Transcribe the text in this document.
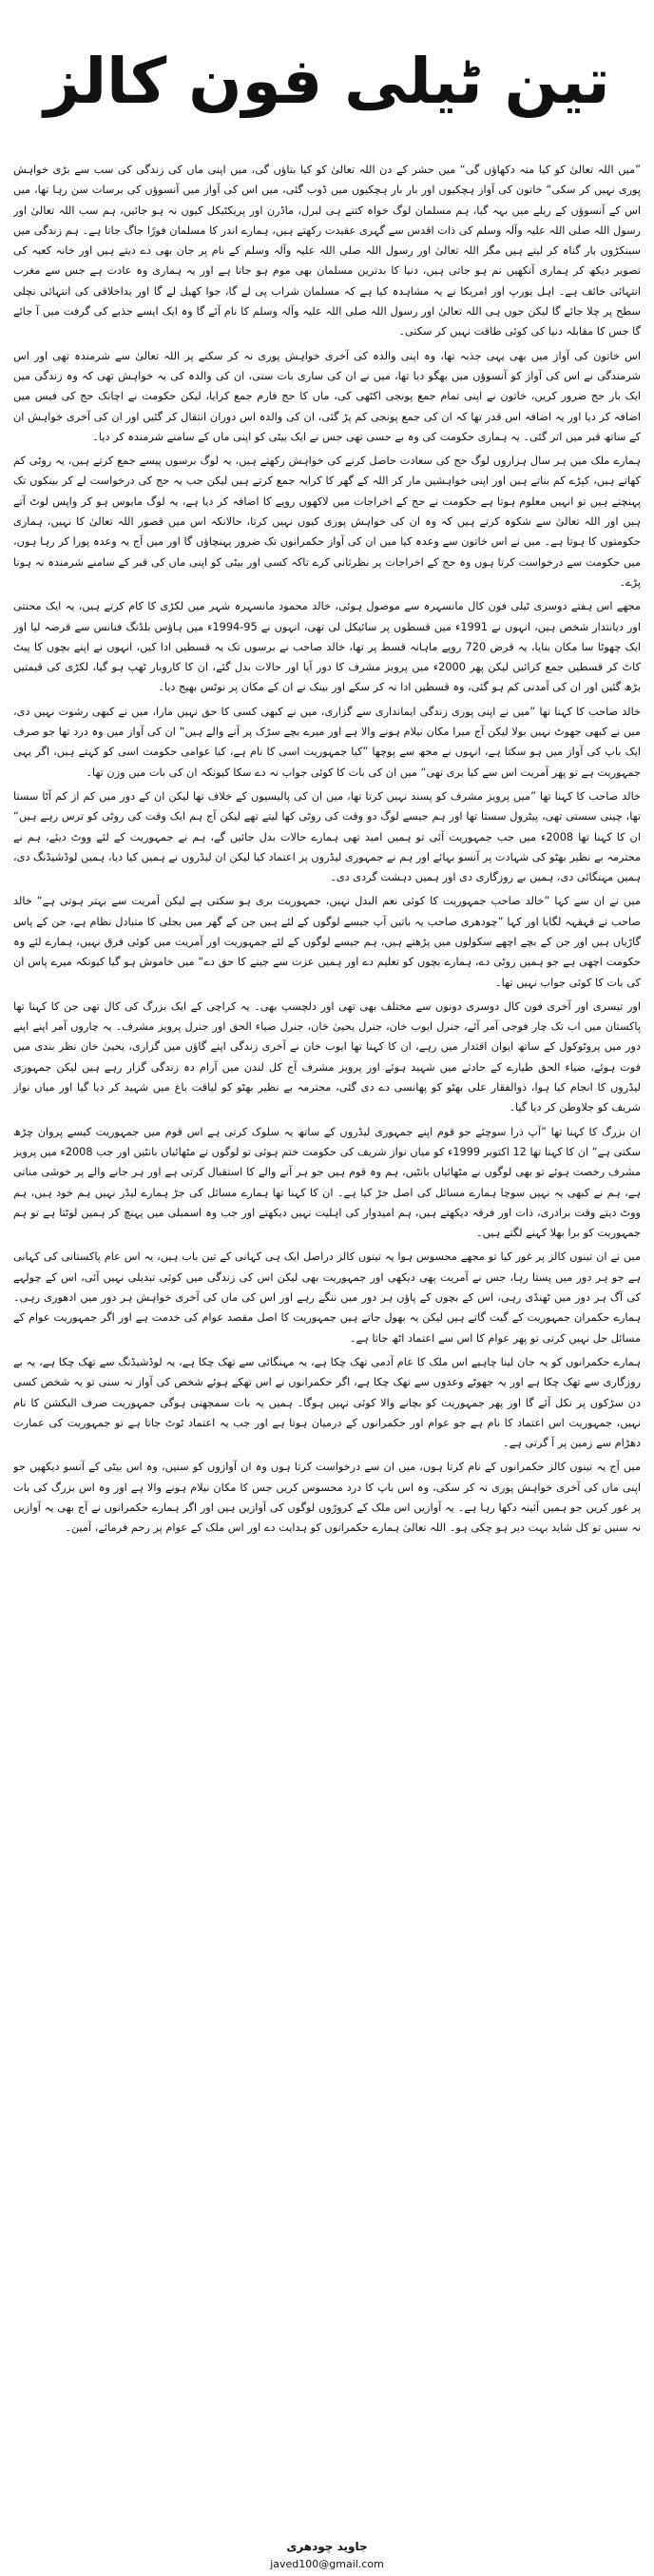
تین ٹیلی فون کالز

”میں اللہ تعالیٰ کو کیا منہ دکھاؤں گی“ میں حشر کے دن اللہ تعالیٰ کو کیا بتاؤں گی، میں اپنی ماں کی زندگی کی سب سے بڑی خواہش پوری نہیں کر سکی“ خاتون کی آواز ہچکیوں اور بار بار ہچکیوں میں ڈوب گئی، میں اس کی آواز میں آنسوؤں کی برسات سن رہا تھا، میں اس کے آنسوؤں کے ریلے میں بہہ گیا، ہم مسلمان لوگ خواہ کتنے ہی لبرل، ماڈرن اور پریکٹیکل کیوں نہ ہو جائیں، ہم سب اللہ تعالیٰ اور رسول اللہ صلی اللہ علیہ وآلہ وسلم کی ذات اقدس سے گہری عقیدت رکھتے ہیں، ہمارے اندر کا مسلمان فورًا جاگ جاتا ہے۔ ہم زندگی میں سینکڑوں بار گناہ کر لیتے ہیں مگر اللہ تعالیٰ اور رسول اللہ صلی اللہ علیہ وآلہ وسلم کے نام پر جان بھی دے دیتے ہیں اور خانہ کعبہ کی تصویر دیکھ کر ہماری آنکھیں نم ہو جاتی ہیں، دنیا کا بدترین مسلمان بھی موم ہو جاتا ہے اور یہ ہماری وہ عادت ہے جس سے مغرب انتہائی خائف ہے۔ اہل یورپ اور امریکا نے یہ مشاہدہ کیا ہے کہ مسلمان شراب پی لے گا، جوا کھیل لے گا اور بداخلاقی کی انتہائی نچلی سطح پر چلا جائے گا لیکن جوں ہی اللہ تعالیٰ اور رسول اللہ صلی اللہ علیہ وآلہ وسلم کا نام آئے گا وہ ایک ایسے جذبے کی گرفت میں آ جائے گا جس کا مقابلہ دنیا کی کوئی طاقت نہیں کر سکتی۔

اس خاتون کی آواز میں بھی یہی جذبہ تھا، وہ اپنی والدہ کی آخری خواہش پوری نہ کر سکنے پر اللہ تعالیٰ سے شرمندہ تھی اور اس شرمندگی نے اس کی آواز کو آنسوؤں میں بھگو دیا تھا، میں نے ان کی ساری بات سنی، ان کی والدہ کی یہ خواہش تھی کہ وہ زندگی میں ایک بار حج ضرور کریں، خاتون نے اپنی تمام جمع پونجی اکٹھی کی، ماں کا حج فارم جمع کرایا، لیکن حکومت نے اچانک حج کی فیس میں اضافہ کر دیا اور یہ اضافہ اس قدر تھا کہ ان کی جمع پونجی کم پڑ گئی، ان کی والدہ اس دوران انتقال کر گئیں اور ان کی آخری خواہش ان کے ساتھ قبر میں اتر گئی۔ یہ ہماری حکومت کی وہ بے حسی تھی جس نے ایک بیٹی کو اپنی ماں کے سامنے شرمندہ کر دیا۔

ہمارے ملک میں ہر سال ہزاروں لوگ حج کی سعادت حاصل کرنے کی خواہش رکھتے ہیں، یہ لوگ برسوں پیسے جمع کرتے ہیں، یہ روٹی کم کھاتے ہیں، کپڑے کم بناتے ہیں اور اپنی خواہشیں مار کر اللہ کے گھر کا کرایہ جمع کرتے ہیں لیکن جب یہ حج کی درخواست لے کر بینکوں تک پہنچتے ہیں تو انہیں معلوم ہوتا ہے حکومت نے حج کے اخراجات میں لاکھوں روپے کا اضافہ کر دیا ہے، یہ لوگ مایوس ہو کر واپس لوٹ آتے ہیں اور اللہ تعالیٰ سے شکوہ کرتے ہیں کہ وہ ان کی خواہش پوری کیوں نہیں کرتا، حالانکہ اس میں قصور اللہ تعالیٰ کا نہیں، ہماری حکومتوں کا ہوتا ہے۔ میں نے اس خاتون سے وعدہ کیا میں ان کی آواز حکمرانوں تک ضرور پہنچاؤں گا اور میں آج یہ وعدہ پورا کر رہا ہوں، میں حکومت سے درخواست کرتا ہوں وہ حج کے اخراجات پر نظرثانی کرے تاکہ کسی اور بیٹی کو اپنی ماں کی قبر کے سامنے شرمندہ نہ ہونا پڑے۔

مجھے اس ہفتے دوسری ٹیلی فون کال مانسہرہ سے موصول ہوئی، خالد محمود مانسہرہ شہر میں لکڑی کا کام کرتے ہیں، یہ ایک محنتی اور دیانتدار شخص ہیں، انہوں نے 1991ء میں قسطوں پر سائیکل لی تھی، انہوں نے 95-1994ء میں ہاؤس بلڈنگ فنانس سے قرضہ لیا اور ایک چھوٹا سا مکان بنایا، یہ قرض 720 روپے ماہانہ قسط پر تھا، خالد صاحب نے برسوں تک یہ قسطیں ادا کیں، انہوں نے اپنے بچوں کا پیٹ کاٹ کر قسطیں جمع کرائیں لیکن پھر 2000ء میں پرویز مشرف کا دور آیا اور حالات بدل گئے، ان کا کاروبار ٹھپ ہو گیا، لکڑی کی قیمتیں بڑھ گئیں اور ان کی آمدنی کم ہو گئی، وہ قسطیں ادا نہ کر سکے اور بینک نے ان کے مکان پر نوٹس بھیج دیا۔

خالد صاحب کا کہنا تھا ”میں نے اپنی پوری زندگی ایمانداری سے گزاری، میں نے کبھی کسی کا حق نہیں مارا، میں نے کبھی رشوت نہیں دی، میں نے کبھی جھوٹ نہیں بولا لیکن آج میرا مکان نیلام ہونے والا ہے اور میرے بچے سڑک پر آنے والے ہیں“ ان کی آواز میں وہ درد تھا جو صرف ایک باپ کی آواز میں ہو سکتا ہے، انہوں نے مجھ سے پوچھا ”کیا جمہوریت اسی کا نام ہے، کیا عوامی حکومت اسی کو کہتے ہیں، اگر یہی جمہوریت ہے تو پھر آمریت اس سے کیا بری تھی“ میں ان کی بات کا کوئی جواب نہ دے سکا کیونکہ ان کی بات میں وزن تھا۔

خالد صاحب کا کہنا تھا ”میں پرویز مشرف کو پسند نہیں کرتا تھا، میں ان کی پالیسیوں کے خلاف تھا لیکن ان کے دور میں کم از کم آٹا سستا تھا، چینی سستی تھی، پیٹرول سستا تھا اور ہم جیسے لوگ دو وقت کی روٹی کھا لیتے تھے لیکن آج ہم ایک وقت کی روٹی کو ترس رہے ہیں“ ان کا کہنا تھا 2008ء میں جب جمہوریت آئی تو ہمیں امید تھی ہمارے حالات بدل جائیں گے، ہم نے جمہوریت کے لئے ووٹ دیئے، ہم نے محترمہ بے نظیر بھٹو کی شہادت پر آنسو بہائے اور ہم نے جمہوری لیڈروں پر اعتماد کیا لیکن ان لیڈروں نے ہمیں کیا دیا، ہمیں لوڈشیڈنگ دی، ہمیں مہنگائی دی، ہمیں بے روزگاری دی اور ہمیں دہشت گردی دی۔

میں نے ان سے کہا ”خالد صاحب جمہوریت کا کوئی نعم البدل نہیں، جمہوریت بری ہو سکتی ہے لیکن آمریت سے بہتر ہوتی ہے“ خالد صاحب نے قہقہہ لگایا اور کہا ”چودھری صاحب یہ باتیں آپ جیسے لوگوں کے لئے ہیں جن کے گھر میں بجلی کا متبادل نظام ہے، جن کے پاس گاڑیاں ہیں اور جن کے بچے اچھے سکولوں میں پڑھتے ہیں، ہم جیسے لوگوں کے لئے جمہوریت اور آمریت میں کوئی فرق نہیں، ہمارے لئے وہ حکومت اچھی ہے جو ہمیں روٹی دے، ہمارے بچوں کو تعلیم دے اور ہمیں عزت سے جینے کا حق دے“ میں خاموش ہو گیا کیونکہ میرے پاس ان کی بات کا کوئی جواب نہیں تھا۔

اور تیسری اور آخری فون کال دوسری دونوں سے مختلف بھی تھی اور دلچسپ بھی۔ یہ کراچی کے ایک بزرگ کی کال تھی جن کا کہنا تھا پاکستان میں اب تک چار فوجی آمر آئے، جنرل ایوب خان، جنرل یحییٰ خان، جنرل ضیاء الحق اور جنرل پرویز مشرف۔ یہ چاروں آمر اپنے اپنے دور میں پروٹوکول کے ساتھ ایوان اقتدار میں رہے، ان کا کہنا تھا ایوب خان نے آخری زندگی اپنے گاؤں میں گزاری، یحییٰ خان نظر بندی میں فوت ہوئے، ضیاء الحق طیارے کے حادثے میں شہید ہوئے اور پرویز مشرف آج کل لندن میں آرام دہ زندگی گزار رہے ہیں لیکن جمہوری لیڈروں کا انجام کیا ہوا، ذوالفقار علی بھٹو کو پھانسی دے دی گئی، محترمہ بے نظیر بھٹو کو لیاقت باغ میں شہید کر دیا گیا اور میاں نواز شریف کو جلاوطن کر دیا گیا۔

ان بزرگ کا کہنا تھا ”آپ ذرا سوچئے جو قوم اپنے جمہوری لیڈروں کے ساتھ یہ سلوک کرتی ہے اس قوم میں جمہوریت کیسے پروان چڑھ سکتی ہے“ ان کا کہنا تھا 12 اکتوبر 1999ء کو میاں نواز شریف کی حکومت ختم ہوئی تو لوگوں نے مٹھائیاں بانٹیں اور جب 2008ء میں پرویز مشرف رخصت ہوئے تو بھی لوگوں نے مٹھائیاں بانٹیں، ہم وہ قوم ہیں جو ہر آنے والے کا استقبال کرتی ہے اور ہر جانے والے پر خوشی مناتی ہے، ہم نے کبھی یہ نہیں سوچا ہمارے مسائل کی اصل جڑ کیا ہے۔ ان کا کہنا تھا ہمارے مسائل کی جڑ ہمارے لیڈر نہیں ہم خود ہیں، ہم ووٹ دیتے وقت برادری، ذات اور فرقہ دیکھتے ہیں، ہم امیدوار کی اہلیت نہیں دیکھتے اور جب وہ اسمبلی میں پہنچ کر ہمیں لوٹتا ہے تو ہم جمہوریت کو برا بھلا کہنے لگتے ہیں۔

میں نے ان تینوں کالز پر غور کیا تو مجھے محسوس ہوا یہ تینوں کالز دراصل ایک ہی کہانی کے تین باب ہیں، یہ اس عام پاکستانی کی کہانی ہے جو ہر دور میں پستا رہا، جس نے آمریت بھی دیکھی اور جمہوریت بھی لیکن اس کی زندگی میں کوئی تبدیلی نہیں آئی، اس کے چولہے کی آگ ہر دور میں ٹھنڈی رہی، اس کے بچوں کے پاؤں ہر دور میں ننگے رہے اور اس کی ماں کی آخری خواہش ہر دور میں ادھوری رہی۔ ہمارے حکمران جمہوریت کے گیت گاتے ہیں لیکن یہ بھول جاتے ہیں جمہوریت کا اصل مقصد عوام کی خدمت ہے اور اگر جمہوریت عوام کے مسائل حل نہیں کرتی تو پھر عوام کا اس سے اعتماد اٹھ جاتا ہے۔

ہمارے حکمرانوں کو یہ جان لینا چاہیے اس ملک کا عام آدمی تھک چکا ہے، یہ مہنگائی سے تھک چکا ہے، یہ لوڈشیڈنگ سے تھک چکا ہے، یہ بے روزگاری سے تھک چکا ہے اور یہ جھوٹے وعدوں سے تھک چکا ہے، اگر حکمرانوں نے اس تھکے ہوئے شخص کی آواز نہ سنی تو یہ شخص کسی دن سڑکوں پر نکل آئے گا اور پھر جمہوریت کو بچانے والا کوئی نہیں ہوگا۔ ہمیں یہ بات سمجھنی ہوگی جمہوریت صرف الیکشن کا نام نہیں، جمہوریت اس اعتماد کا نام ہے جو عوام اور حکمرانوں کے درمیان ہوتا ہے اور جب یہ اعتماد ٹوٹ جاتا ہے تو جمہوریت کی عمارت دھڑام سے زمین پر آ گرتی ہے۔

میں آج یہ تینوں کالز حکمرانوں کے نام کرتا ہوں، میں ان سے درخواست کرتا ہوں وہ ان آوازوں کو سنیں، وہ اس بیٹی کے آنسو دیکھیں جو اپنی ماں کی آخری خواہش پوری نہ کر سکی، وہ اس باپ کا درد محسوس کریں جس کا مکان نیلام ہونے والا ہے اور وہ اس بزرگ کی بات پر غور کریں جو ہمیں آئینہ دکھا رہا ہے۔ یہ آوازیں اس ملک کے کروڑوں لوگوں کی آوازیں ہیں اور اگر ہمارے حکمرانوں نے آج بھی یہ آوازیں نہ سنیں تو کل شاید بہت دیر ہو چکی ہو۔ اللہ تعالیٰ ہمارے حکمرانوں کو ہدایت دے اور اس ملک کے عوام پر رحم فرمائے، آمین۔

جاوید چودھری
javed100@gmail.com
